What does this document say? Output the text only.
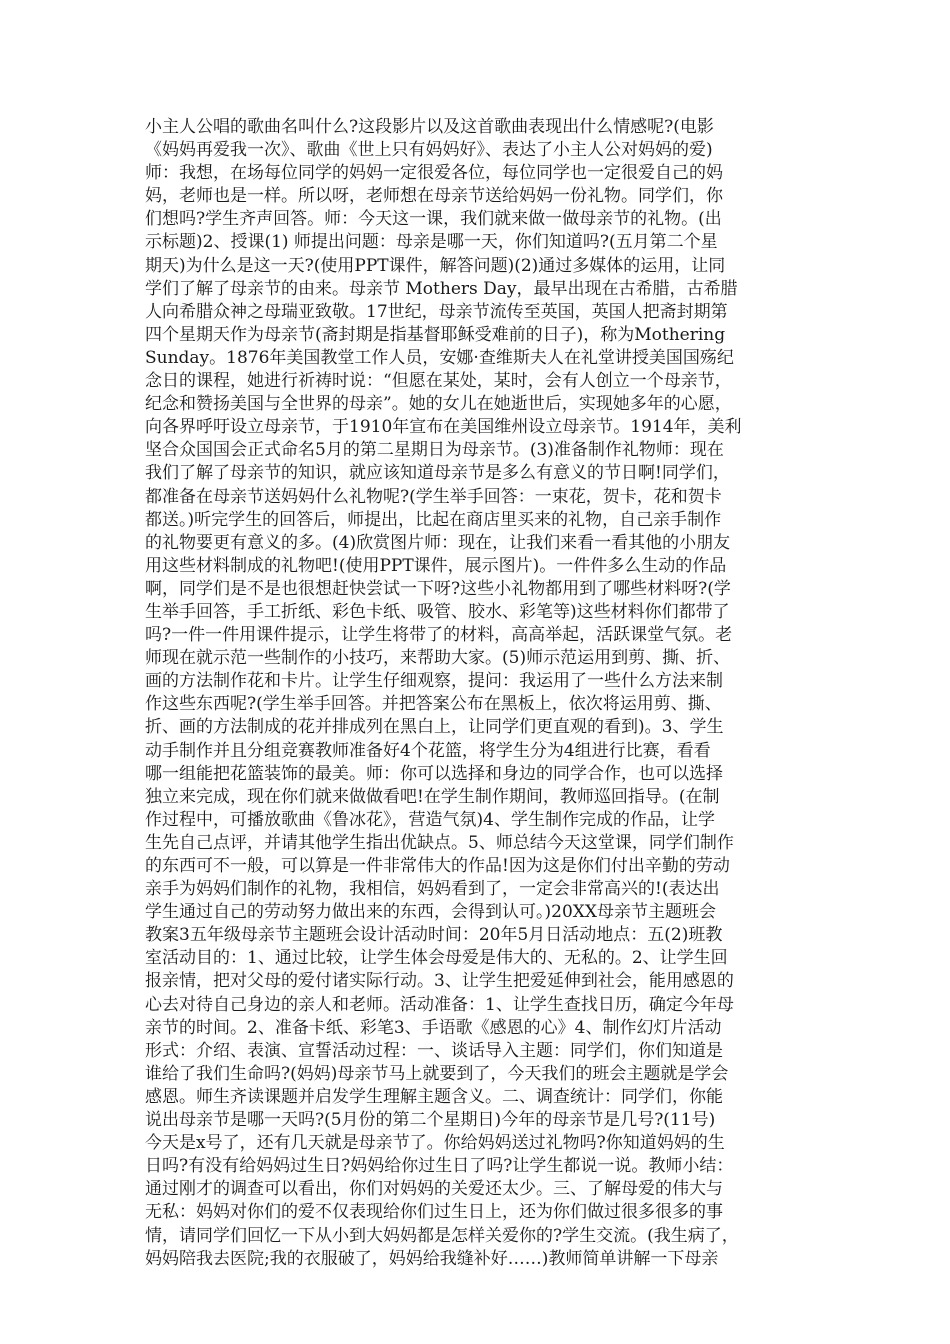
小主人公唱的歌曲名叫什么?这段影片以及这首歌曲表现出什么情感呢?(电影
《妈妈再爱我一次》、歌曲《世上只有妈妈好》、表达了小主人公对妈妈的爱)
师：我想，在场每位同学的妈妈一定很爱各位，每位同学也一定很爱自己的妈
妈，老师也是一样。所以呀，老师想在母亲节送给妈妈一份礼物。同学们，你
们想吗?学生齐声回答。师：今天这一课，我们就来做一做母亲节的礼物。(出
示标题)2、授课(1) 师提出问题：母亲是哪一天，你们知道吗?(五月第二个星
期天)为什么是这一天?(使用PPT课件，解答问题)(2)通过多媒体的运用，让同
学们了解了母亲节的由来。母亲节 Mothers Day，最早出现在古希腊，古希腊
人向希腊众神之母瑞亚致敬。17世纪，母亲节流传至英国，英国人把斋封期第
四个星期天作为母亲节(斋封期是指基督耶稣受难前的日子)，称为Mothering
Sunday。1876年美国教堂工作人员，安娜·查维斯夫人在礼堂讲授美国国殇纪
念日的课程，她进行祈祷时说：“但愿在某处，某时，会有人创立一个母亲节，
纪念和赞扬美国与全世界的母亲”。她的女儿在她逝世后，实现她多年的心愿，
向各界呼吁设立母亲节，于1910年宣布在美国维州设立母亲节。1914年，美利
坚合众国国会正式命名5月的第二星期日为母亲节。(3)准备制作礼物师：现在
我们了解了母亲节的知识，就应该知道母亲节是多么有意义的节日啊!同学们，
都准备在母亲节送妈妈什么礼物呢?(学生举手回答：一束花，贺卡，花和贺卡
都送。)听完学生的回答后，师提出，比起在商店里买来的礼物，自己亲手制作
的礼物要更有意义的多。(4)欣赏图片师：现在，让我们来看一看其他的小朋友
用这些材料制成的礼物吧!(使用PPT课件，展示图片)。一件件多么生动的作品
啊，同学们是不是也很想赶快尝试一下呀?这些小礼物都用到了哪些材料呀?(学
生举手回答，手工折纸、彩色卡纸、吸管、胶水、彩笔等)这些材料你们都带了
吗?一件一件用课件提示，让学生将带了的材料，高高举起，活跃课堂气氛。老
师现在就示范一些制作的小技巧，来帮助大家。(5)师示范运用到剪、撕、折、
画的方法制作花和卡片。让学生仔细观察，提问：我运用了一些什么方法来制
作这些东西呢?(学生举手回答。并把答案公布在黑板上，依次将运用剪、撕、
折、画的方法制成的花并排成列在黑白上，让同学们更直观的看到)。3、学生
动手制作并且分组竞赛教师准备好4个花篮，将学生分为4组进行比赛，看看
哪一组能把花篮装饰的最美。师：你可以选择和身边的同学合作，也可以选择
独立来完成，现在你们就来做做看吧!在学生制作期间，教师巡回指导。(在制
作过程中，可播放歌曲《鲁冰花》，营造气氛)4、学生制作完成的作品，让学
生先自己点评，并请其他学生指出优缺点。5、师总结今天这堂课，同学们制作
的东西可不一般，可以算是一件非常伟大的作品!因为这是你们付出辛勤的劳动
亲手为妈妈们制作的礼物，我相信，妈妈看到了，一定会非常高兴的!(表达出
学生通过自己的劳动努力做出来的东西，会得到认可。)20XX母亲节主题班会
教案3五年级母亲节主题班会设计活动时间：20年5月日活动地点：五(2)班教
室活动目的：1、通过比较，让学生体会母爱是伟大的、无私的。2、让学生回
报亲情，把对父母的爱付诸实际行动。3、让学生把爱延伸到社会，能用感恩的
心去对待自己身边的亲人和老师。活动准备：1、让学生查找日历，确定今年母
亲节的时间。2、准备卡纸、彩笔3、手语歌《感恩的心》4、制作幻灯片活动
形式：介绍、表演、宣誓活动过程：一、谈话导入主题：同学们，你们知道是
谁给了我们生命吗?(妈妈)母亲节马上就要到了，今天我们的班会主题就是学会
感恩。师生齐读课题并启发学生理解主题含义。二、调查统计：同学们，你能
说出母亲节是哪一天吗?(5月份的第二个星期日)今年的母亲节是几号?(11号)
今天是x号了，还有几天就是母亲节了。你给妈妈送过礼物吗?你知道妈妈的生
日吗?有没有给妈妈过生日?妈妈给你过生日了吗?让学生都说一说。教师小结：
通过刚才的调查可以看出，你们对妈妈的关爱还太少。三、了解母爱的伟大与
无私：妈妈对你们的爱不仅表现给你们过生日上，还为你们做过很多很多的事
情，请同学们回忆一下从小到大妈妈都是怎样关爱你的?学生交流。(我生病了，
妈妈陪我去医院;我的衣服破了，妈妈给我缝补好……)教师简单讲解一下母亲
